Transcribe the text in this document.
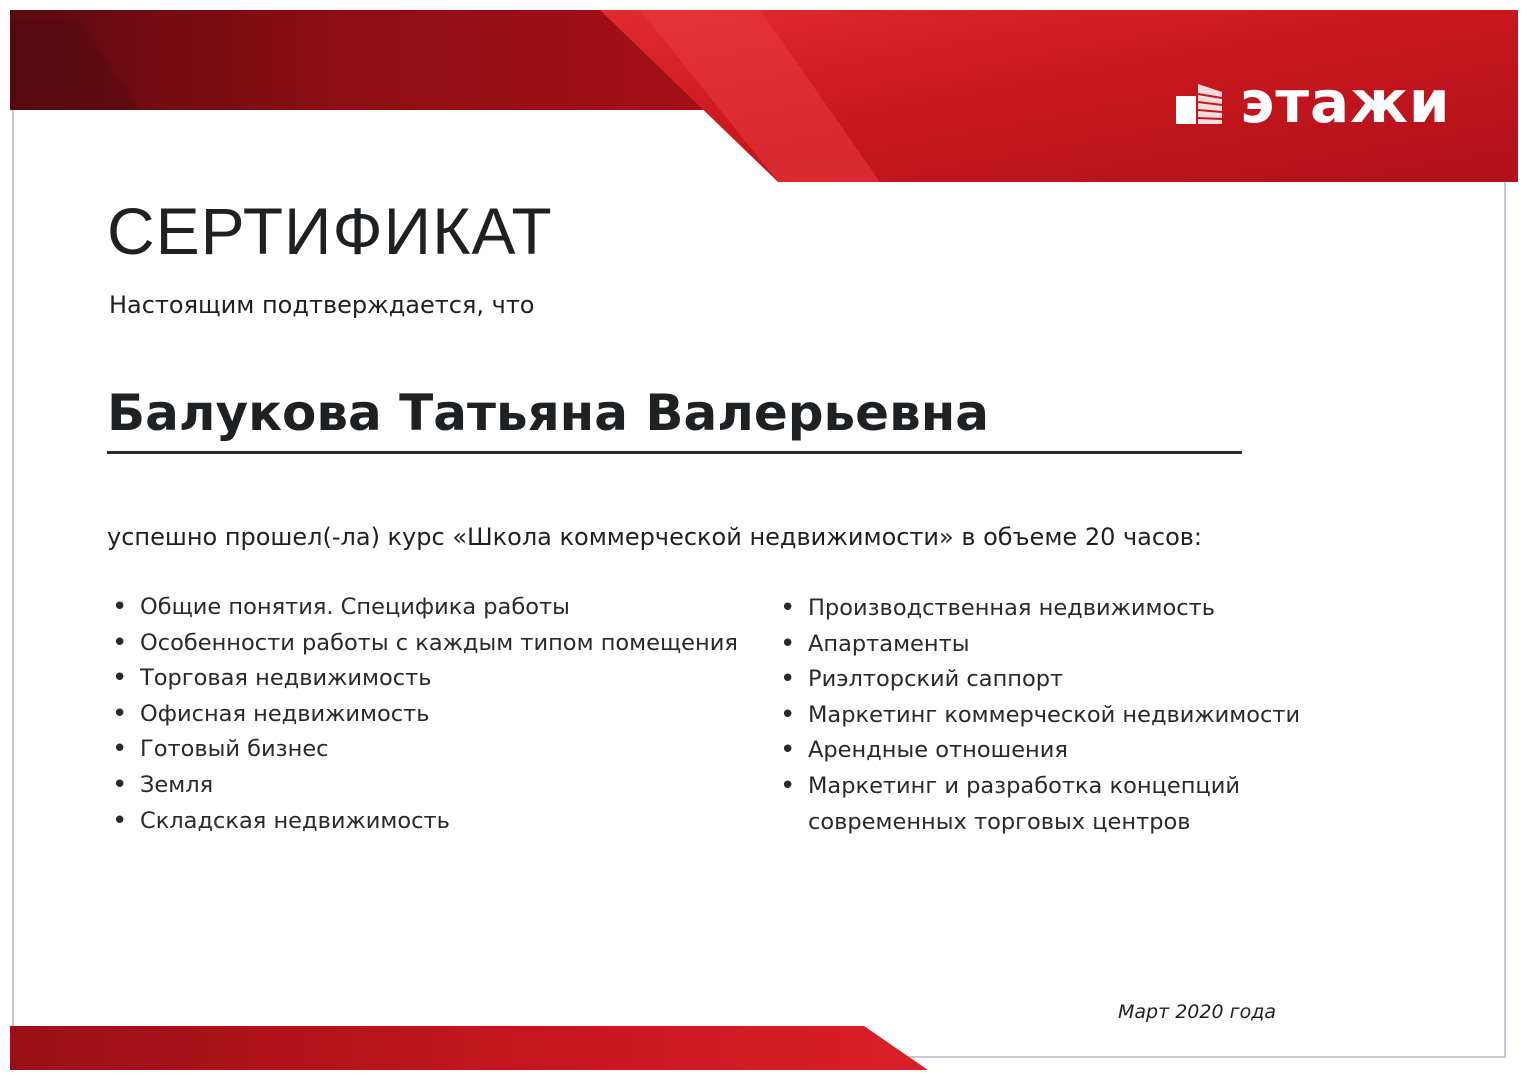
этажи
СЕРТИФИКАТ
Настоящим подтверждается, что
Балукова Татьяна Валерьевна
успешно прошел(-ла) курс «Школа коммерческой недвижимости» в объеме 20 часов:
• Общие понятия. Специфика работы
• Особенности работы с каждым типом помещения
• Торговая недвижимость
• Офисная недвижимость
• Готовый бизнес
• Земля
• Складская недвижимость
• Производственная недвижимость
• Апартаменты
• Риэлторский саппорт
• Маркетинг коммерческой недвижимости
• Арендные отношения
• Маркетинг и разработка концепций современных торговых центров
Март 2020 года
